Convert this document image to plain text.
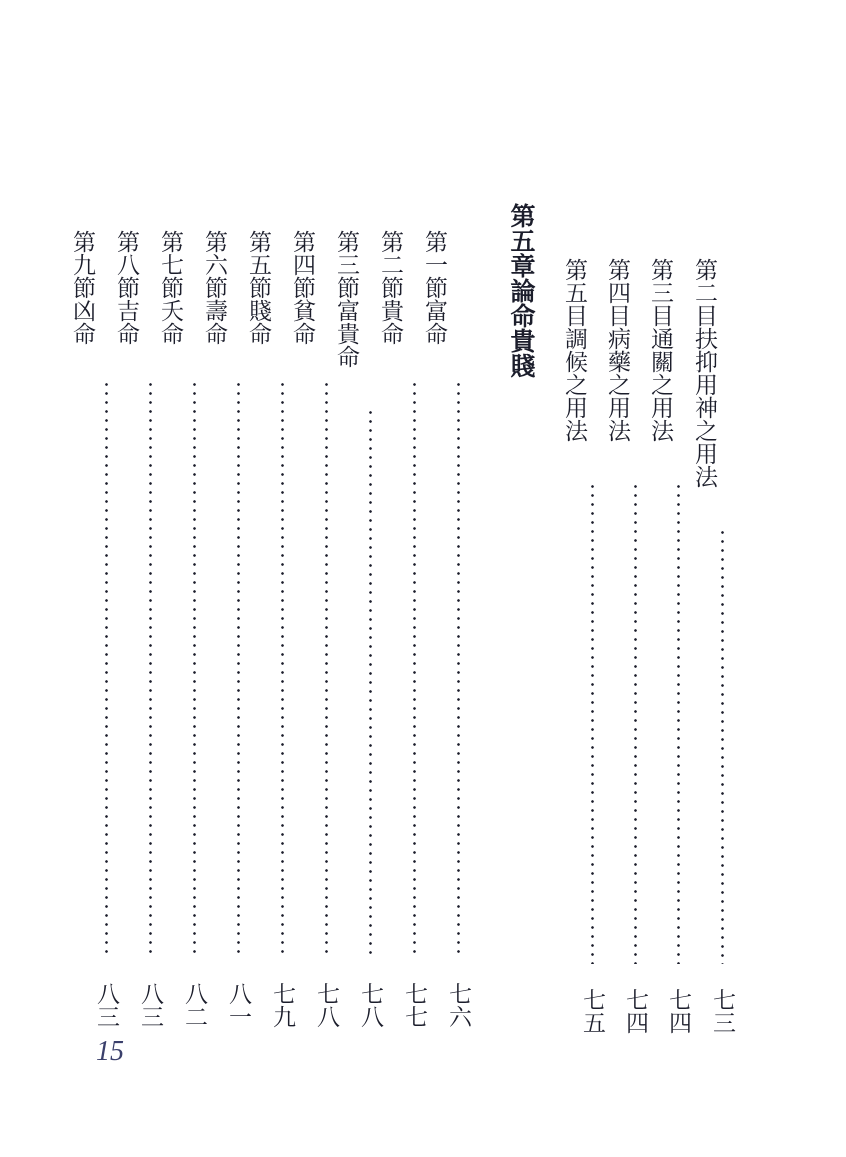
第二目扶抑用神之用法
七三
第三目通關之用法
七四
第四目病藥之用法
七四
第五目調候之用法
七五
第五章論命貴賤
第一節富命
七六
第二節貴命
七七
第三節富貴命
七八
第四節貧命
七八
第五節賤命
七九
第六節壽命
八一
第七節夭命
八二
第八節吉命
八三
第九節凶命
八三
15
